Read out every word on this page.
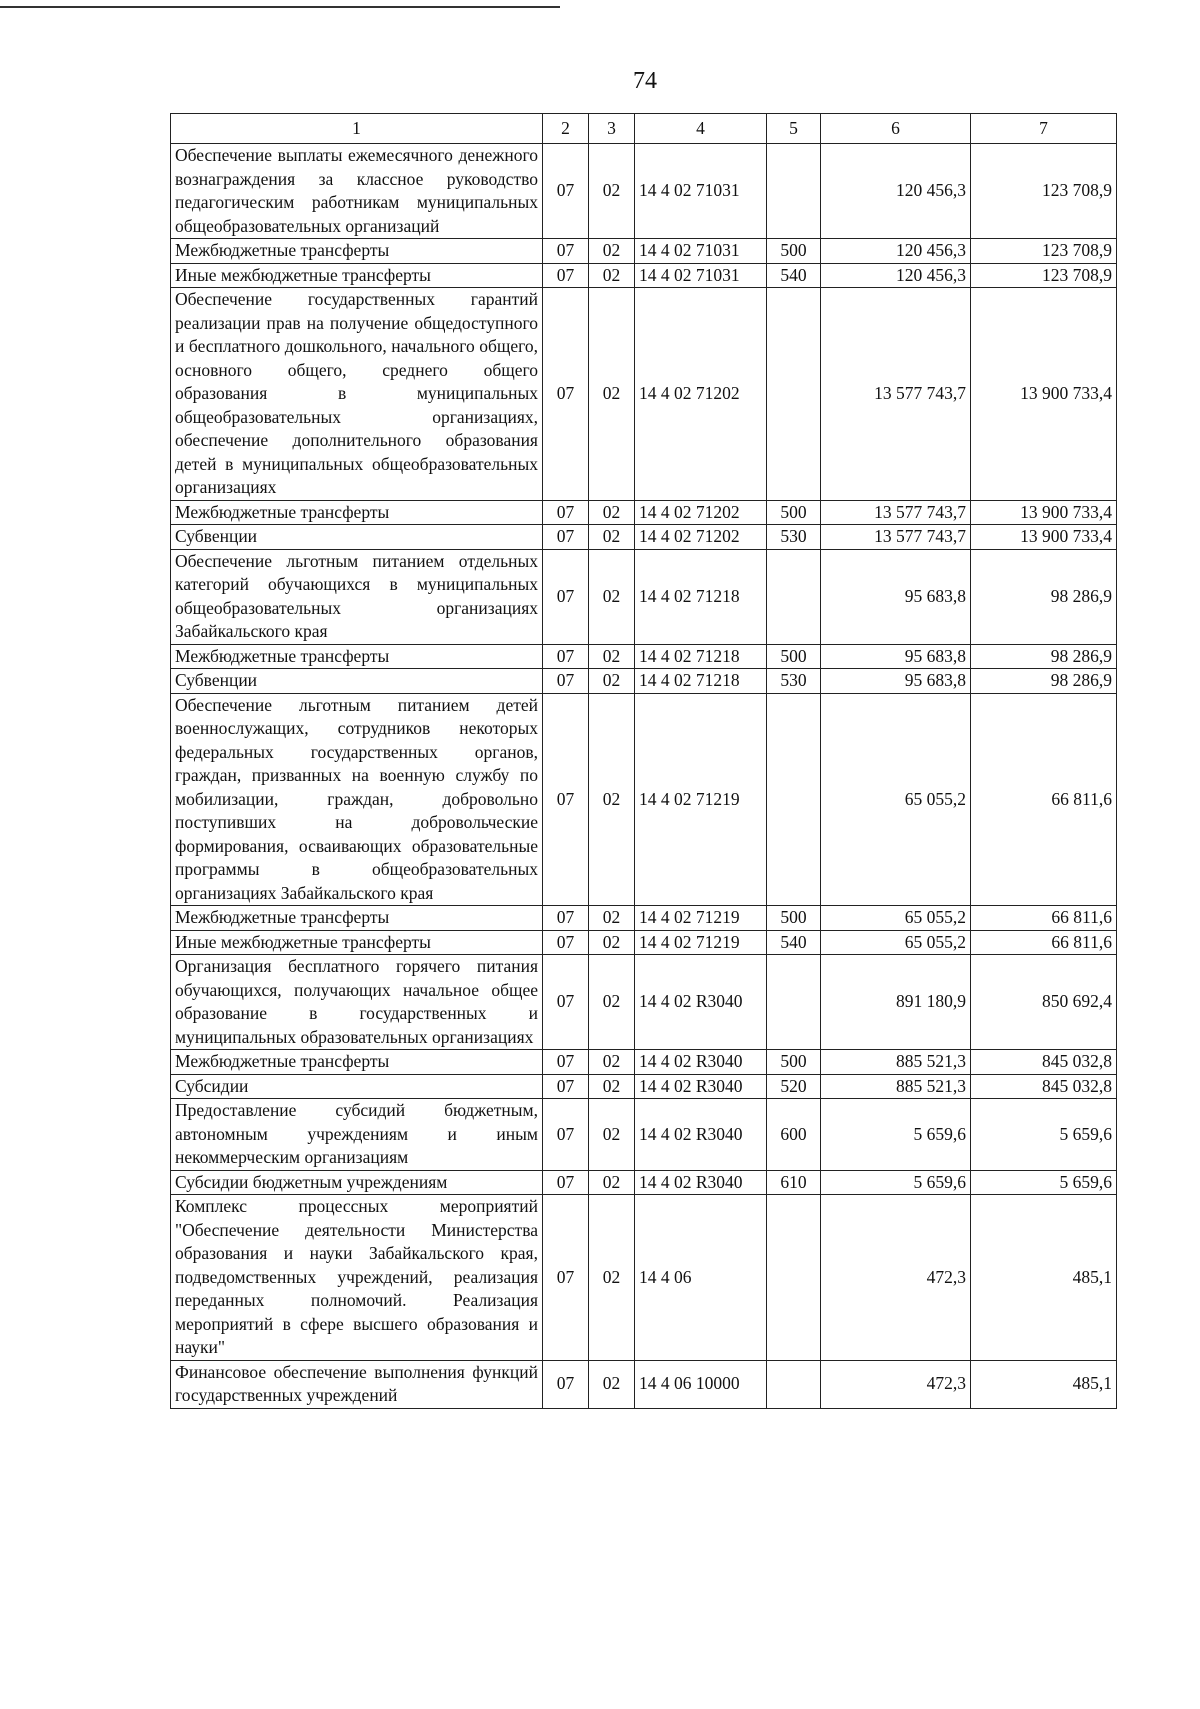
74
1	2	3	4	5	6	7
Обеспечение выплаты ежемесячного денежного вознаграждения за классное руководство педагогическим работникам муниципальных общеобразовательных организаций	07	02	14 4 02 71031		120 456,3	123 708,9
Межбюджетные трансферты	07	02	14 4 02 71031	500	120 456,3	123 708,9
Иные межбюджетные трансферты	07	02	14 4 02 71031	540	120 456,3	123 708,9
Обеспечение государственных гарантий реализации прав на получение общедоступного и бесплатного дошкольного, начального общего, основного общего, среднего общего образования в муниципальных общеобразовательных организациях, обеспечение дополнительного образования детей в муниципальных общеобразовательных организациях	07	02	14 4 02 71202		13 577 743,7	13 900 733,4
Межбюджетные трансферты	07	02	14 4 02 71202	500	13 577 743,7	13 900 733,4
Субвенции	07	02	14 4 02 71202	530	13 577 743,7	13 900 733,4
Обеспечение льготным питанием отдельных категорий обучающихся в муниципальных общеобразовательных организациях Забайкальского края	07	02	14 4 02 71218		95 683,8	98 286,9
Межбюджетные трансферты	07	02	14 4 02 71218	500	95 683,8	98 286,9
Субвенции	07	02	14 4 02 71218	530	95 683,8	98 286,9
Обеспечение льготным питанием детей военнослужащих, сотрудников некоторых федеральных государственных органов, граждан, призванных на военную службу по мобилизации, граждан, добровольно поступивших на добровольческие формирования, осваивающих образовательные программы в общеобразовательных организациях Забайкальского края	07	02	14 4 02 71219		65 055,2	66 811,6
Межбюджетные трансферты	07	02	14 4 02 71219	500	65 055,2	66 811,6
Иные межбюджетные трансферты	07	02	14 4 02 71219	540	65 055,2	66 811,6
Организация бесплатного горячего питания обучающихся, получающих начальное общее образование в государственных и муниципальных образовательных организациях	07	02	14 4 02 R3040		891 180,9	850 692,4
Межбюджетные трансферты	07	02	14 4 02 R3040	500	885 521,3	845 032,8
Субсидии	07	02	14 4 02 R3040	520	885 521,3	845 032,8
Предоставление субсидий бюджетным, автономным учреждениям и иным некоммерческим организациям	07	02	14 4 02 R3040	600	5 659,6	5 659,6
Субсидии бюджетным учреждениям	07	02	14 4 02 R3040	610	5 659,6	5 659,6
Комплекс процессных мероприятий "Обеспечение деятельности Министерства образования и науки Забайкальского края, подведомственных учреждений, реализация переданных полномочий. Реализация мероприятий в сфере высшего образования и науки"	07	02	14 4 06		472,3	485,1
Финансовое обеспечение выполнения функций государственных учреждений	07	02	14 4 06 10000		472,3	485,1
